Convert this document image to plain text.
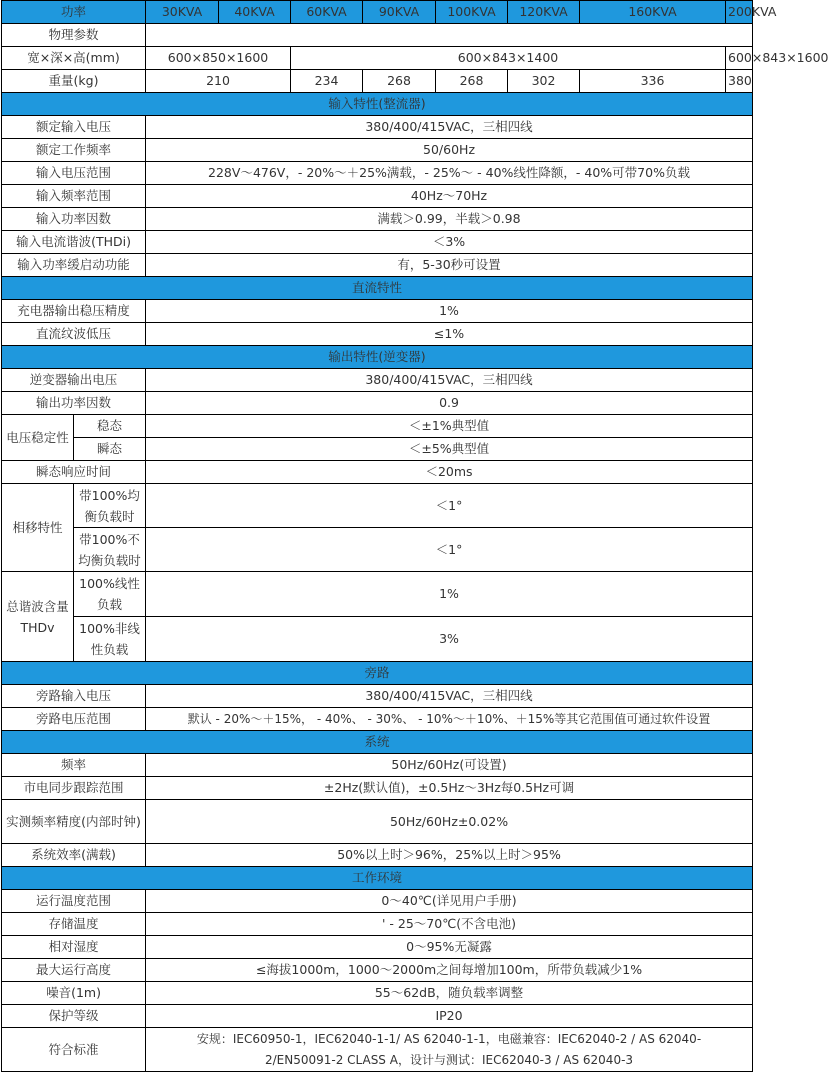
功率		30KVA	40KVA	60KVA	90KVA	100KVA	120KVA	160KVA	200KVA
物理参数									
宽×深×高(mm)		600×850×1600		600×843×1400					600×843×1600
重量(kg)		210		234	268	268	302	336	380
输入特性(整流器)									
额定输入电压		380/400/415VAC，三相四线							
额定工作频率		50/60Hz							
输入电压范围		228V～476V，- 20%～＋25%满载，- 25%～ - 40%线性降额，- 40%可带70%负载							
输入频率范围		40Hz～70Hz							
输入功率因数		满载＞0.99，半载＞0.98							
输入电流谐波(THDi)		＜3%							
输入功率缓启动功能		有，5-30秒可设置							
直流特性									
充电器输出稳压精度		1%							
直流纹波低压		≤1%							
输出特性(逆变器)									
逆变器输出电压		380/400/415VAC，三相四线							
输出功率因数		0.9							
电压稳定性	稳态	＜±1%典型值							
	瞬态	＜±5%典型值							
瞬态响应时间		＜20ms							
相移特性	带100%均衡负载时	＜1°							
	带100%不均衡负载时	＜1°							
总谐波含量THDv	100%线性负载	1%							
	100%非线性负载	3%							
旁路									
旁路输入电压		380/400/415VAC，三相四线							
旁路电压范围		默认 - 20%～＋15%， - 40%、 - 30%、 - 10%～＋10%、＋15%等其它范围值可通过软件设置							
系统									
频率		50Hz/60Hz(可设置)							
市电同步跟踪范围		±2Hz(默认值)，±0.5Hz～3Hz每0.5Hz可调							
实测频率精度(内部时钟)		50Hz/60Hz±0.02%							
系统效率(满载)		50%以上时＞96%，25%以上时＞95%							
工作环境									
运行温度范围		0～40℃(详见用户手册)							
存储温度		' - 25～70℃(不含电池)							
相对湿度		0～95%无凝露							
最大运行高度		≤海拔1000m，1000～2000m之间每增加100m，所带负载减少1%							
噪音(1m)		55～62dB，随负载率调整							
保护等级		IP20							
符合标准		安规：IEC60950-1，IEC62040-1-1/ AS 62040-1-1，电磁兼容：IEC62040-2 / AS 62040-2/EN50091-2 CLASS A，设计与测试：IEC62040-3 / AS 62040-3							
